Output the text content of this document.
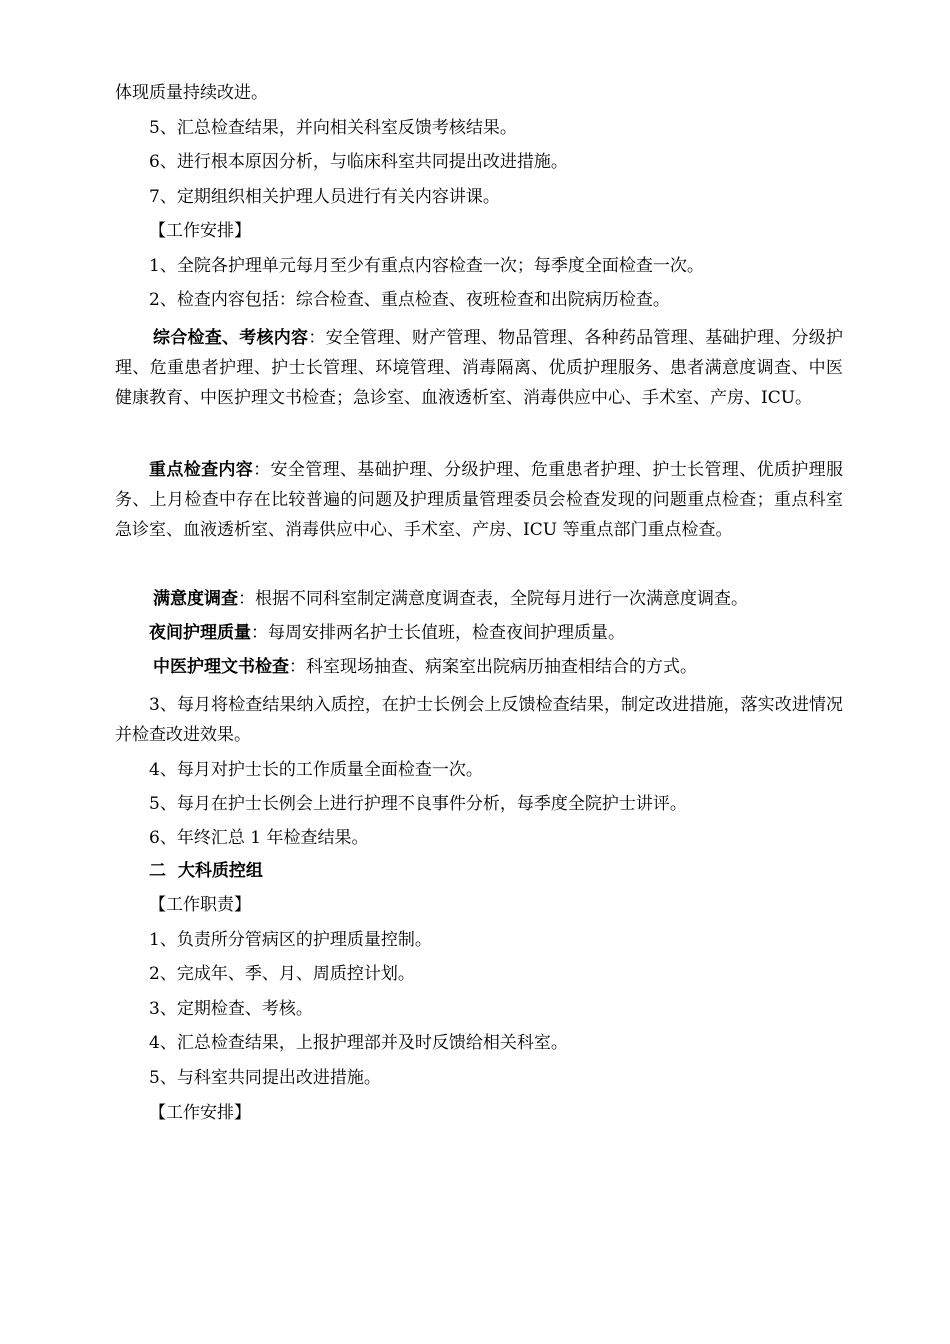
体现质量持续改进。
5、汇总检查结果，并向相关科室反馈考核结果。
6、进行根本原因分析，与临床科室共同提出改进措施。
7、定期组织相关护理人员进行有关内容讲课。
【工作安排】
1、全院各护理单元每月至少有重点内容检查一次；每季度全面检查一次。
2、检查内容包括：综合检查、重点检查、夜班检查和出院病历检查。
综合检查、考核内容：安全管理、财产管理、物品管理、各种药品管理、基础护理、分级护理、危重患者护理、护士长管理、环境管理、消毒隔离、优质护理服务、患者满意度调查、中医健康教育、中医护理文书检查；急诊室、血液透析室、消毒供应中心、手术室、产房、ICU。
重点检查内容：安全管理、基础护理、分级护理、危重患者护理、护士长管理、优质护理服务、上月检查中存在比较普遍的问题及护理质量管理委员会检查发现的问题重点检查；重点科室急诊室、血液透析室、消毒供应中心、手术室、产房、ICU 等重点部门重点检查。
满意度调查：根据不同科室制定满意度调查表，全院每月进行一次满意度调查。
夜间护理质量：每周安排两名护士长值班，检查夜间护理质量。
中医护理文书检查：科室现场抽查、病案室出院病历抽查相结合的方式。
3、每月将检查结果纳入质控，在护士长例会上反馈检查结果，制定改进措施，落实改进情况并检查改进效果。
4、每月对护士长的工作质量全面检查一次。
5、每月在护士长例会上进行护理不良事件分析，每季度全院护士讲评。
6、年终汇总 1 年检查结果。
二  大科质控组
【工作职责】
1、负责所分管病区的护理质量控制。
2、完成年、季、月、周质控计划。
3、定期检查、考核。
4、汇总检查结果，上报护理部并及时反馈给相关科室。
5、与科室共同提出改进措施。
【工作安排】
